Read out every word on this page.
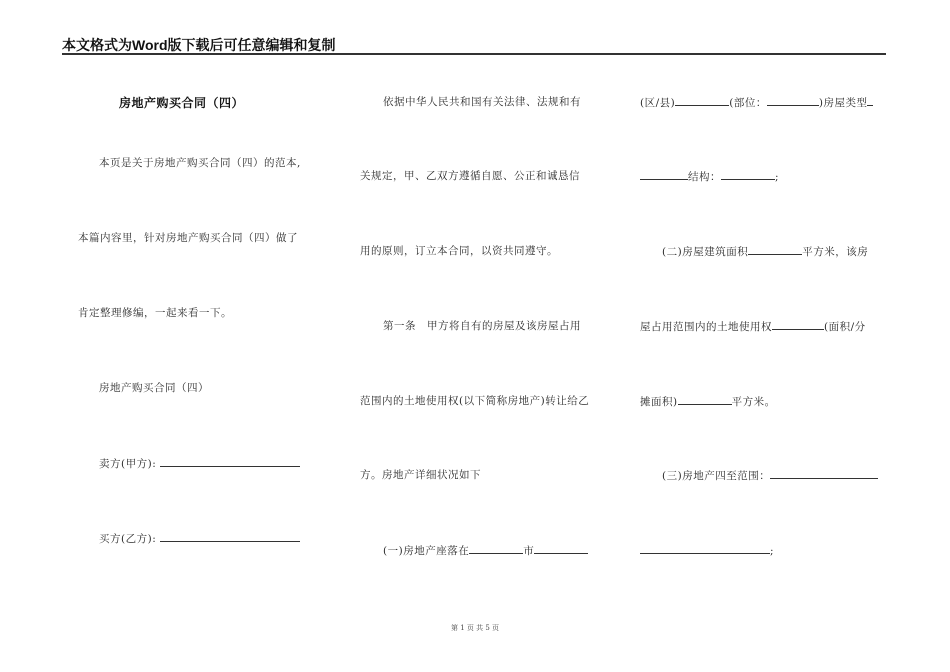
本文格式为Word版下载后可任意编辑和复制
房地产购买合同（四）
本页是关于房地产购买合同（四）的范本,
本篇内容里，针对房地产购买合同（四）做了
肯定整理修编，一起来看一下。
房地产购买合同（四）
卖方(甲方):
买方(乙方):
依据中华人民共和国有关法律、法规和有
关规定，甲、乙双方遵循自愿、公正和诚恳信
用的原则，订立本合同，以资共同遵守。
第一条　甲方将自有的房屋及该房屋占用
范围内的土地使用权(以下简称房地产)转让给乙
方。房地产详细状况如下
(一)房地产座落在	市
(区/县)	(部位：	)房屋类型
结构：	;
(二)房屋建筑面积	平方米，该房
屋占用范围内的土地使用权	(面积/分
摊面积)	平方米。
(三)房地产四至范围：
;
第 1 页 共 5 页
